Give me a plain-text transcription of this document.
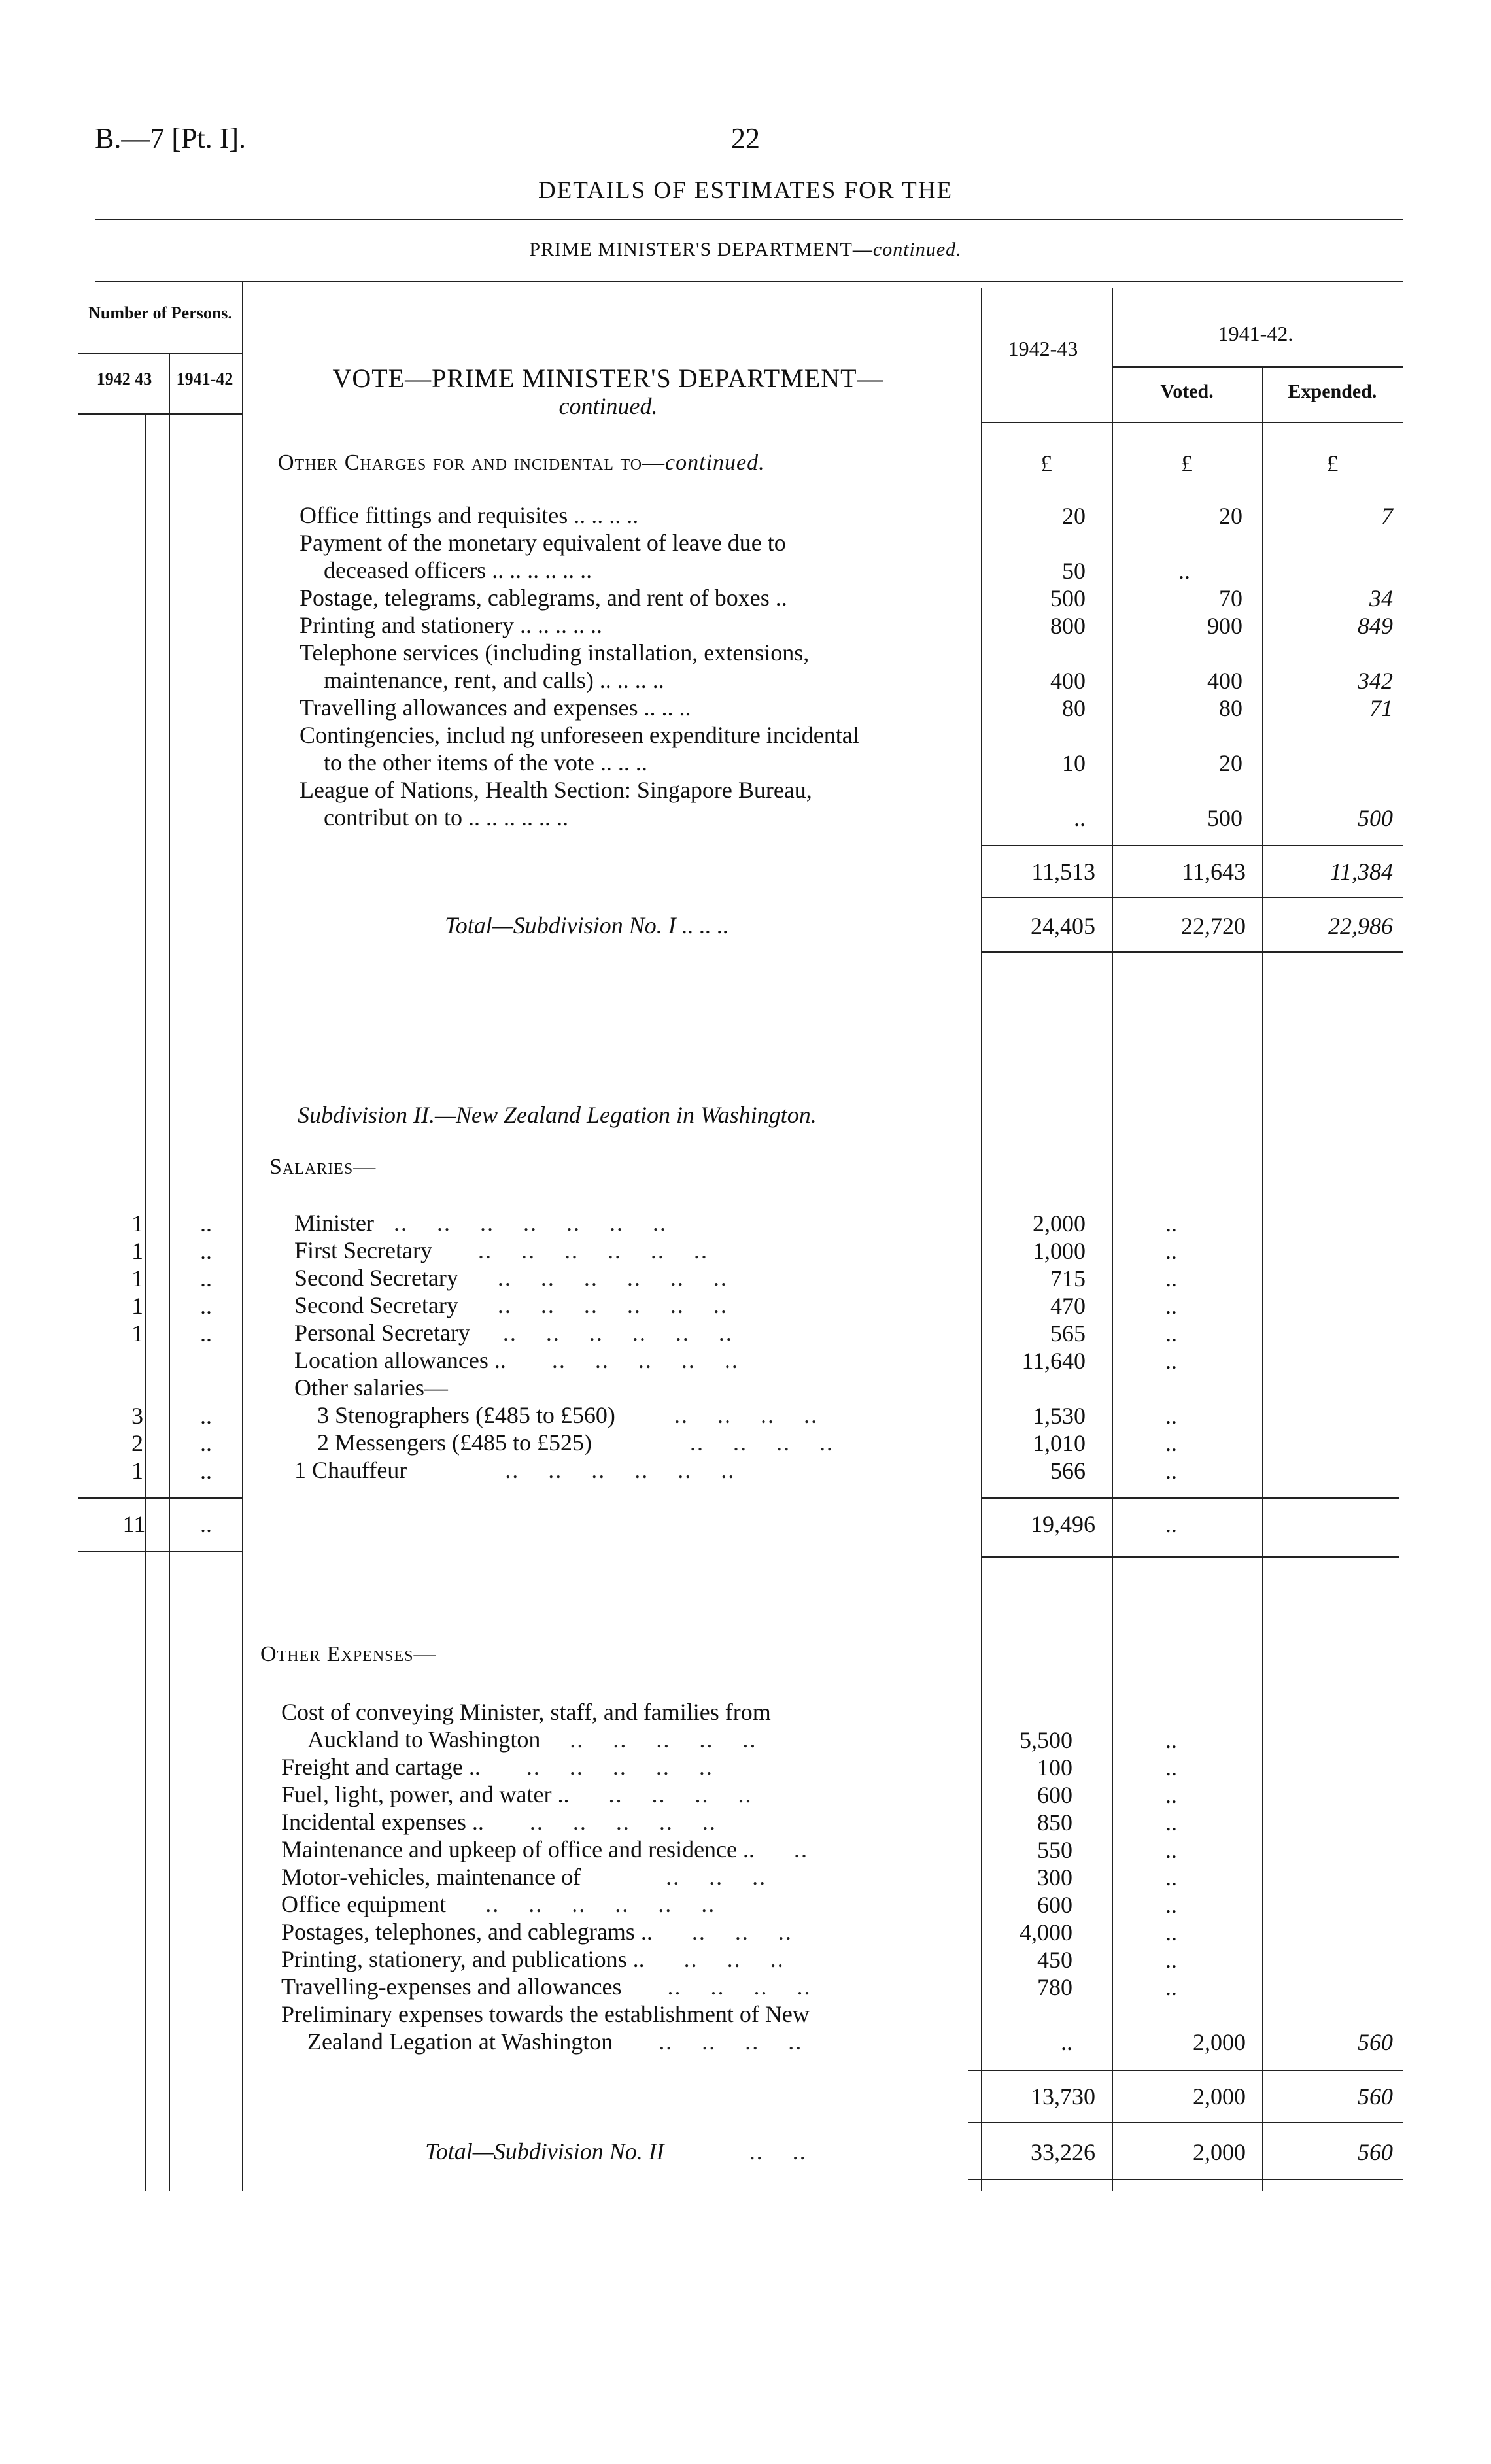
B.—7 [Pt. I].	22
DETAILS OF ESTIMATES FOR THE
PRIME MINISTER'S DEPARTMENT—continued.
Number of Persons.
1942 43	1941-42	VOTE—PRIME MINISTER'S DEPARTMENT—
continued.
1942-43
1941-42.
Voted.	Expended.
Other Charges for and incidental to—continued.	£	£	£
Office fittings and requisites .. .. .. ..	20	20	7
Payment of the monetary equivalent of leave due to
deceased officers .. .. .. .. .. ..	50	..
Postage, telegrams, cablegrams, and rent of boxes ..	500	70	34
Printing and stationery .. .. .. .. ..	800	900	849
Telephone services (including installation, extensions,
maintenance, rent, and calls) .. .. .. ..	400	400	342
Travelling allowances and expenses .. .. ..	80	80	71
Contingencies, includ ng unforeseen expenditure incidental
to the other items of the vote .. .. ..	10	20
League of Nations, Health Section: Singapore Bureau,
contribut on to .. .. .. .. .. ..	..	500	500
11,513	11,643	11,384
Total—Subdivision No. I .. .. ..	24,405	22,720	22,986
Subdivision II.—New Zealand Legation in Washington.
Salaries—
1	..	Minister ..    ..    ..    ..    ..    ..    ..	2,000	..
1	..	First Secretary ..    ..    ..    ..    ..    ..	1,000	..
1	..	Second Secretary ..    ..    ..    ..    ..    ..	715	..
1	..	Second Secretary ..    ..    ..    ..    ..    ..	470	..
1	..	Personal Secretary ..    ..    ..    ..    ..    ..	565	..
Location allowances .. ..    ..    ..    ..    ..	11,640	..
Other salaries—
3	..	3 Stenographers (£485 to £560)	..    ..    ..    ..	1,530	..
2	..	2 Messengers (£485 to £525)	..    ..    ..    ..	1,010	..
1	..	1 Chauffeur	..    ..    ..    ..    ..    ..	566	..
11	..	19,496	..
Other Expenses—
Cost of conveying Minister, staff, and families from
Auckland to Washington ..    ..    ..    ..    ..	5,500	..
Freight and cartage .. ..    ..    ..    ..    ..	100	..
Fuel, light, power, and water .. ..    ..    ..    ..	600	..
Incidental expenses .. ..    ..    ..    ..    ..	850	..
Maintenance and upkeep of office and residence .. ..	550	..
Motor-vehicles, maintenance of	..    ..    ..	300	..
Office equipment ..    ..    ..    ..    ..    ..	600	..
Postages, telephones, and cablegrams .. ..    ..    ..	4,000	..
Printing, stationery, and publications .. ..    ..    ..	450	..
Travelling-expenses and allowances ..    ..    ..    ..	780	..
Preliminary expenses towards the establishment of New
Zealand Legation at Washington ..    ..    ..    ..	..	2,000	560
13,730	2,000	560
Total—Subdivision No. II	..    ..	33,226	2,000	560
